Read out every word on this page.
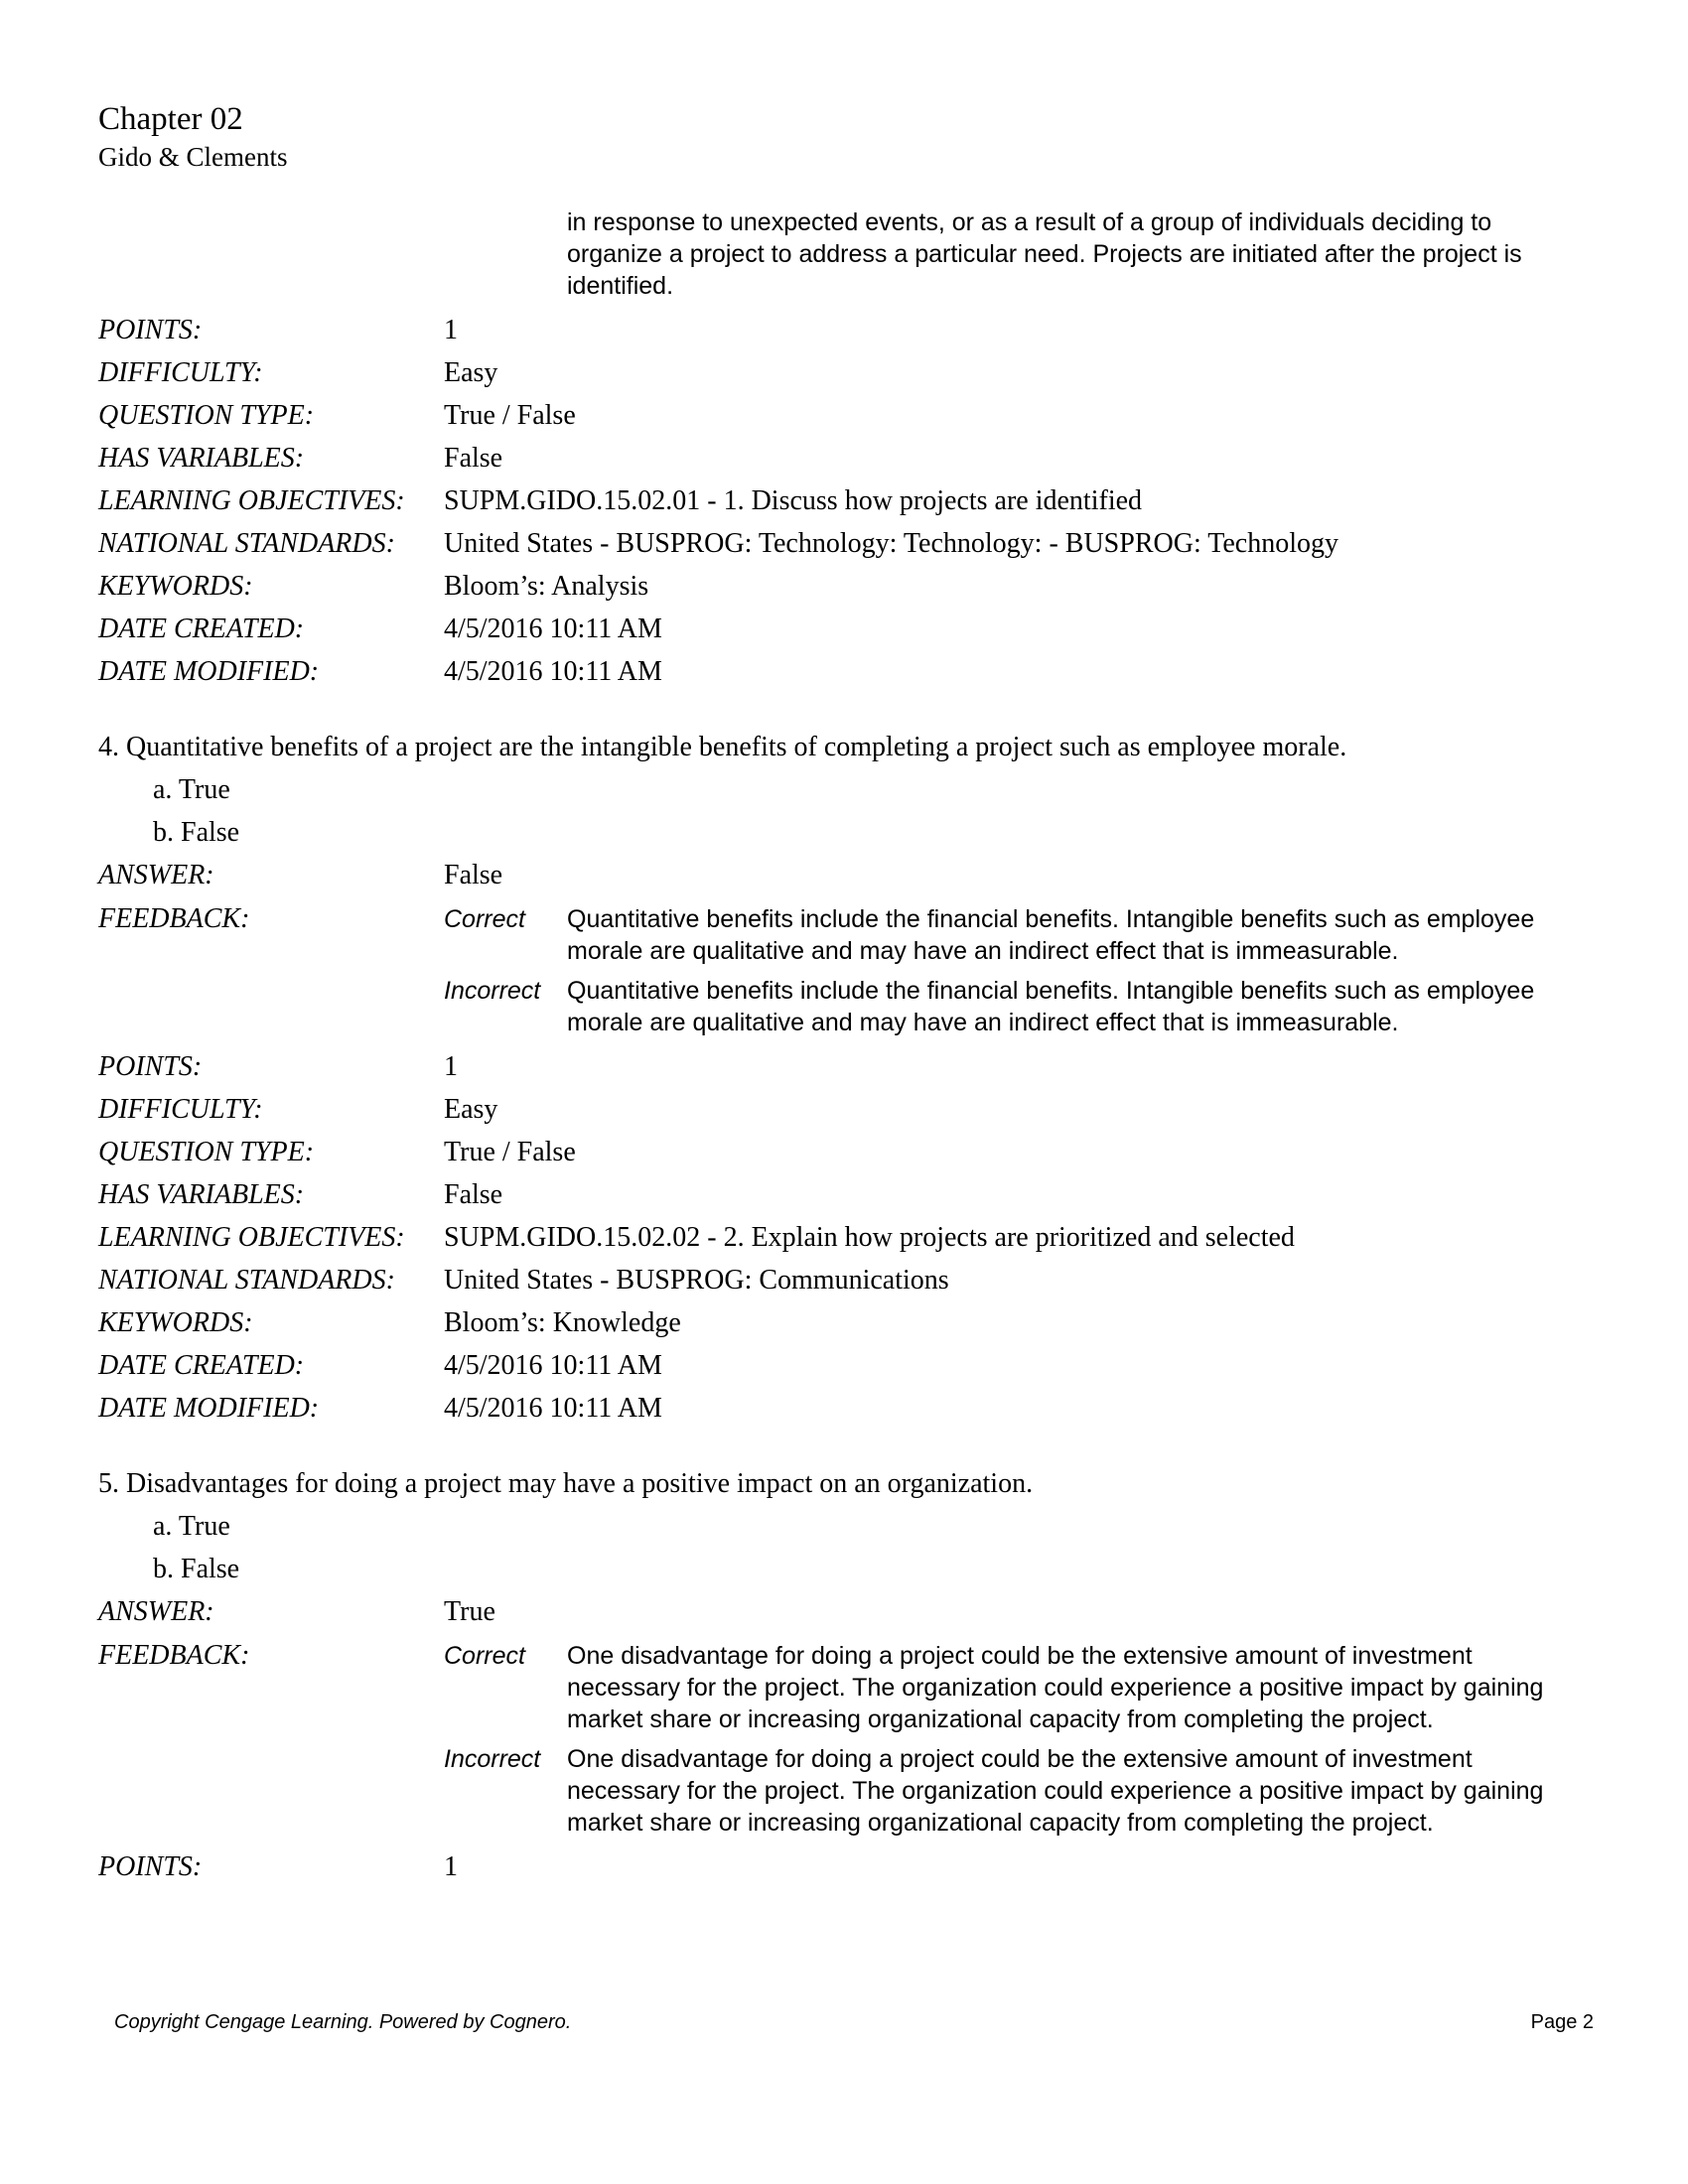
Chapter 02
Gido & Clements
in response to unexpected events, or as a result of a group of individuals deciding to organize a project to address a particular need. Projects are initiated after the project is identified.
POINTS:	1
DIFFICULTY:	Easy
QUESTION TYPE:	True / False
HAS VARIABLES:	False
LEARNING OBJECTIVES:	SUPM.GIDO.15.02.01 - 1. Discuss how projects are identified
NATIONAL STANDARDS:	United States - BUSPROG: Technology: Technology: - BUSPROG: Technology
KEYWORDS:	Bloom’s: Analysis
DATE CREATED:	4/5/2016 10:11 AM
DATE MODIFIED:	4/5/2016 10:11 AM
4. Quantitative benefits of a project are the intangible benefits of completing a project such as employee morale.
a. True
b. False
ANSWER:	False
FEEDBACK:	Correct	Quantitative benefits include the financial benefits. Intangible benefits such as employee morale are qualitative and may have an indirect effect that is immeasurable.
Incorrect	Quantitative benefits include the financial benefits. Intangible benefits such as employee morale are qualitative and may have an indirect effect that is immeasurable.
POINTS:	1
DIFFICULTY:	Easy
QUESTION TYPE:	True / False
HAS VARIABLES:	False
LEARNING OBJECTIVES:	SUPM.GIDO.15.02.02 - 2. Explain how projects are prioritized and selected
NATIONAL STANDARDS:	United States - BUSPROG: Communications
KEYWORDS:	Bloom’s: Knowledge
DATE CREATED:	4/5/2016 10:11 AM
DATE MODIFIED:	4/5/2016 10:11 AM
5. Disadvantages for doing a project may have a positive impact on an organization.
a. True
b. False
ANSWER:	True
FEEDBACK:	Correct	One disadvantage for doing a project could be the extensive amount of investment necessary for the project. The organization could experience a positive impact by gaining market share or increasing organizational capacity from completing the project.
Incorrect	One disadvantage for doing a project could be the extensive amount of investment necessary for the project. The organization could experience a positive impact by gaining market share or increasing organizational capacity from completing the project.
POINTS:	1
Copyright Cengage Learning. Powered by Cognero.	Page 2
